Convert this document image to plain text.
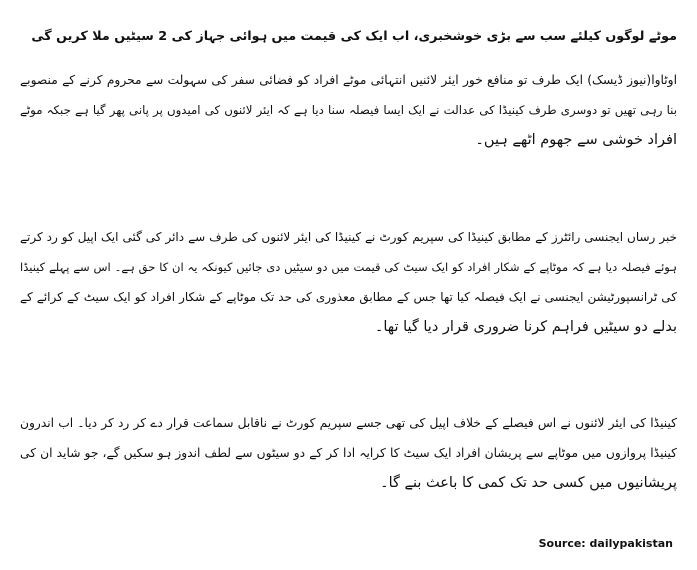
موٹے لوگوں کیلئے سب سے بڑی خوشخبری، اب ایک کی قیمت میں ہوائی جہاز کی 2 سیٹیں ملا کریں گی
اوٹاوا(نیوز ڈیسک) ایک طرف تو منافع خور ایئر لائنیں انتہائی موٹے افراد کو فضائی سفر کی سہولت سے محروم کرنے کے منصوبے
بنا رہی تھیں تو دوسری طرف کینیڈا کی عدالت نے ایک ایسا فیصلہ سنا دیا ہے کہ ایئر لائنوں کی امیدوں پر پانی پھر گیا ہے جبکہ موٹے
افراد خوشی سے جھوم اٹھے ہیں۔
خبر رساں ایجنسی رائٹرز کے مطابق کینیڈا کی سپریم کورٹ نے کینیڈا کی ایئر لائنوں کی طرف سے دائر کی گئی ایک اپیل کو رد کرتے
ہوئے فیصلہ دیا ہے کہ موٹاپے کے شکار افراد کو ایک سیٹ کی قیمت میں دو سیٹیں دی جائیں کیونکہ یہ ان کا حق ہے۔ اس سے پہلے کینیڈا
کی ٹرانسپورٹیشن ایجنسی نے ایک فیصلہ کیا تھا جس کے مطابق معذوری کی حد تک موٹاپے کے شکار افراد کو ایک سیٹ کے کرائے کے
بدلے دو سیٹیں فراہم کرنا ضروری قرار دیا گیا تھا۔
کینیڈا کی ایئر لائنوں نے اس فیصلے کے خلاف اپیل کی تھی جسے سپریم کورٹ نے ناقابل سماعت قرار دے کر رد کر دیا۔ اب اندرون
کینیڈا پروازوں میں موٹاپے سے پریشان افراد ایک سیٹ کا کرایہ ادا کر کے دو سیٹوں سے لطف اندوز ہو سکیں گے، جو شاید ان کی
پریشانیوں میں کسی حد تک کمی کا باعث بنے گا۔
Source: dailypakistan
